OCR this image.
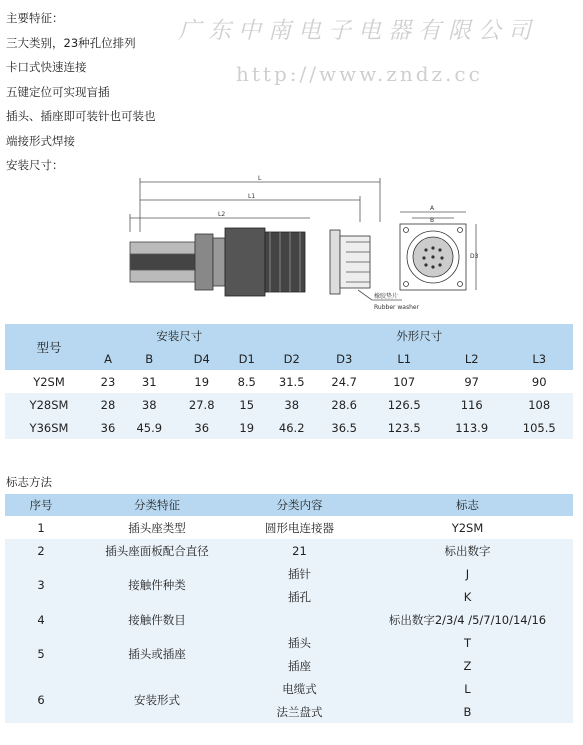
主要特征：
三大类别，23种孔位排列
卡口式快速连接
五键定位可实现盲插
插头、插座即可装针也可装也
端接形式焊接
安装尺寸：
广东中南电子电器有限公司
http://www.zndz.cc
L
L1
L2
橡胶垫片
Rubber washer
A
B
D3
型号	安装尺寸				外形尺寸				
	A	B	D4	D1	D2	D3	L1	L2	L3
Y2SM	23	31	19	8.5	31.5	24.7	107	97	90
Y28SM	28	38	27.8	15	38	28.6	126.5	116	108
Y36SM	36	45.9	36	19	46.2	36.5	123.5	113.9	105.5
标志方法
序号	分类特征	分类内容	标志
1	插头座类型	圆形电连接器	Y2SM
2	插头座面板配合直径	21	标出数字
3	接触件种类	插针	J
		插孔	K
4	接触件数目		标出数字2/3/4 /5/7/10/14/16
5	插头或插座	插头	T
		插座	Z
6	安装形式	电缆式	L
		法兰盘式	B
